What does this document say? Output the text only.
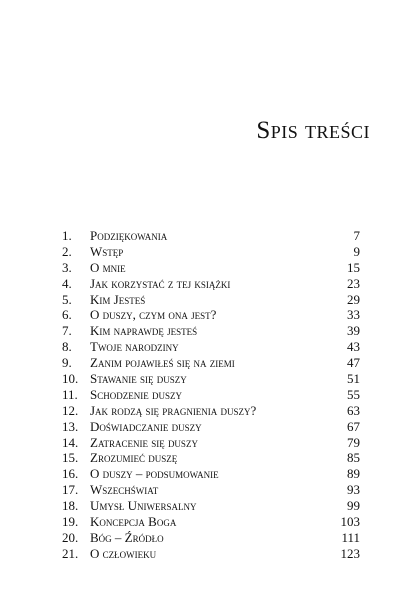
Spis treści
1.	Podziękowania	7
2.	Wstęp	9
3.	O mnie	15
4.	Jak korzystać z tej książki	23
5.	Kim Jesteś	29
6.	O duszy, czym ona jest?	33
7.	Kim naprawdę jesteś	39
8.	Twoje narodziny	43
9.	Zanim pojawiłeś się na ziemi	47
10. Stawanie się duszy	51
11. Schodzenie duszy	55
12. Jak rodzą się pragnienia duszy?	63
13. Doświadczanie duszy	67
14. Zatracenie się duszy	79
15. Zrozumieć duszę	85
16. O duszy – podsumowanie	89
17. Wszechświat	93
18. Umysł Uniwersalny	99
19. Koncepcja Boga	103
20. Bóg – Źródło	111
21. O człowieku	123
